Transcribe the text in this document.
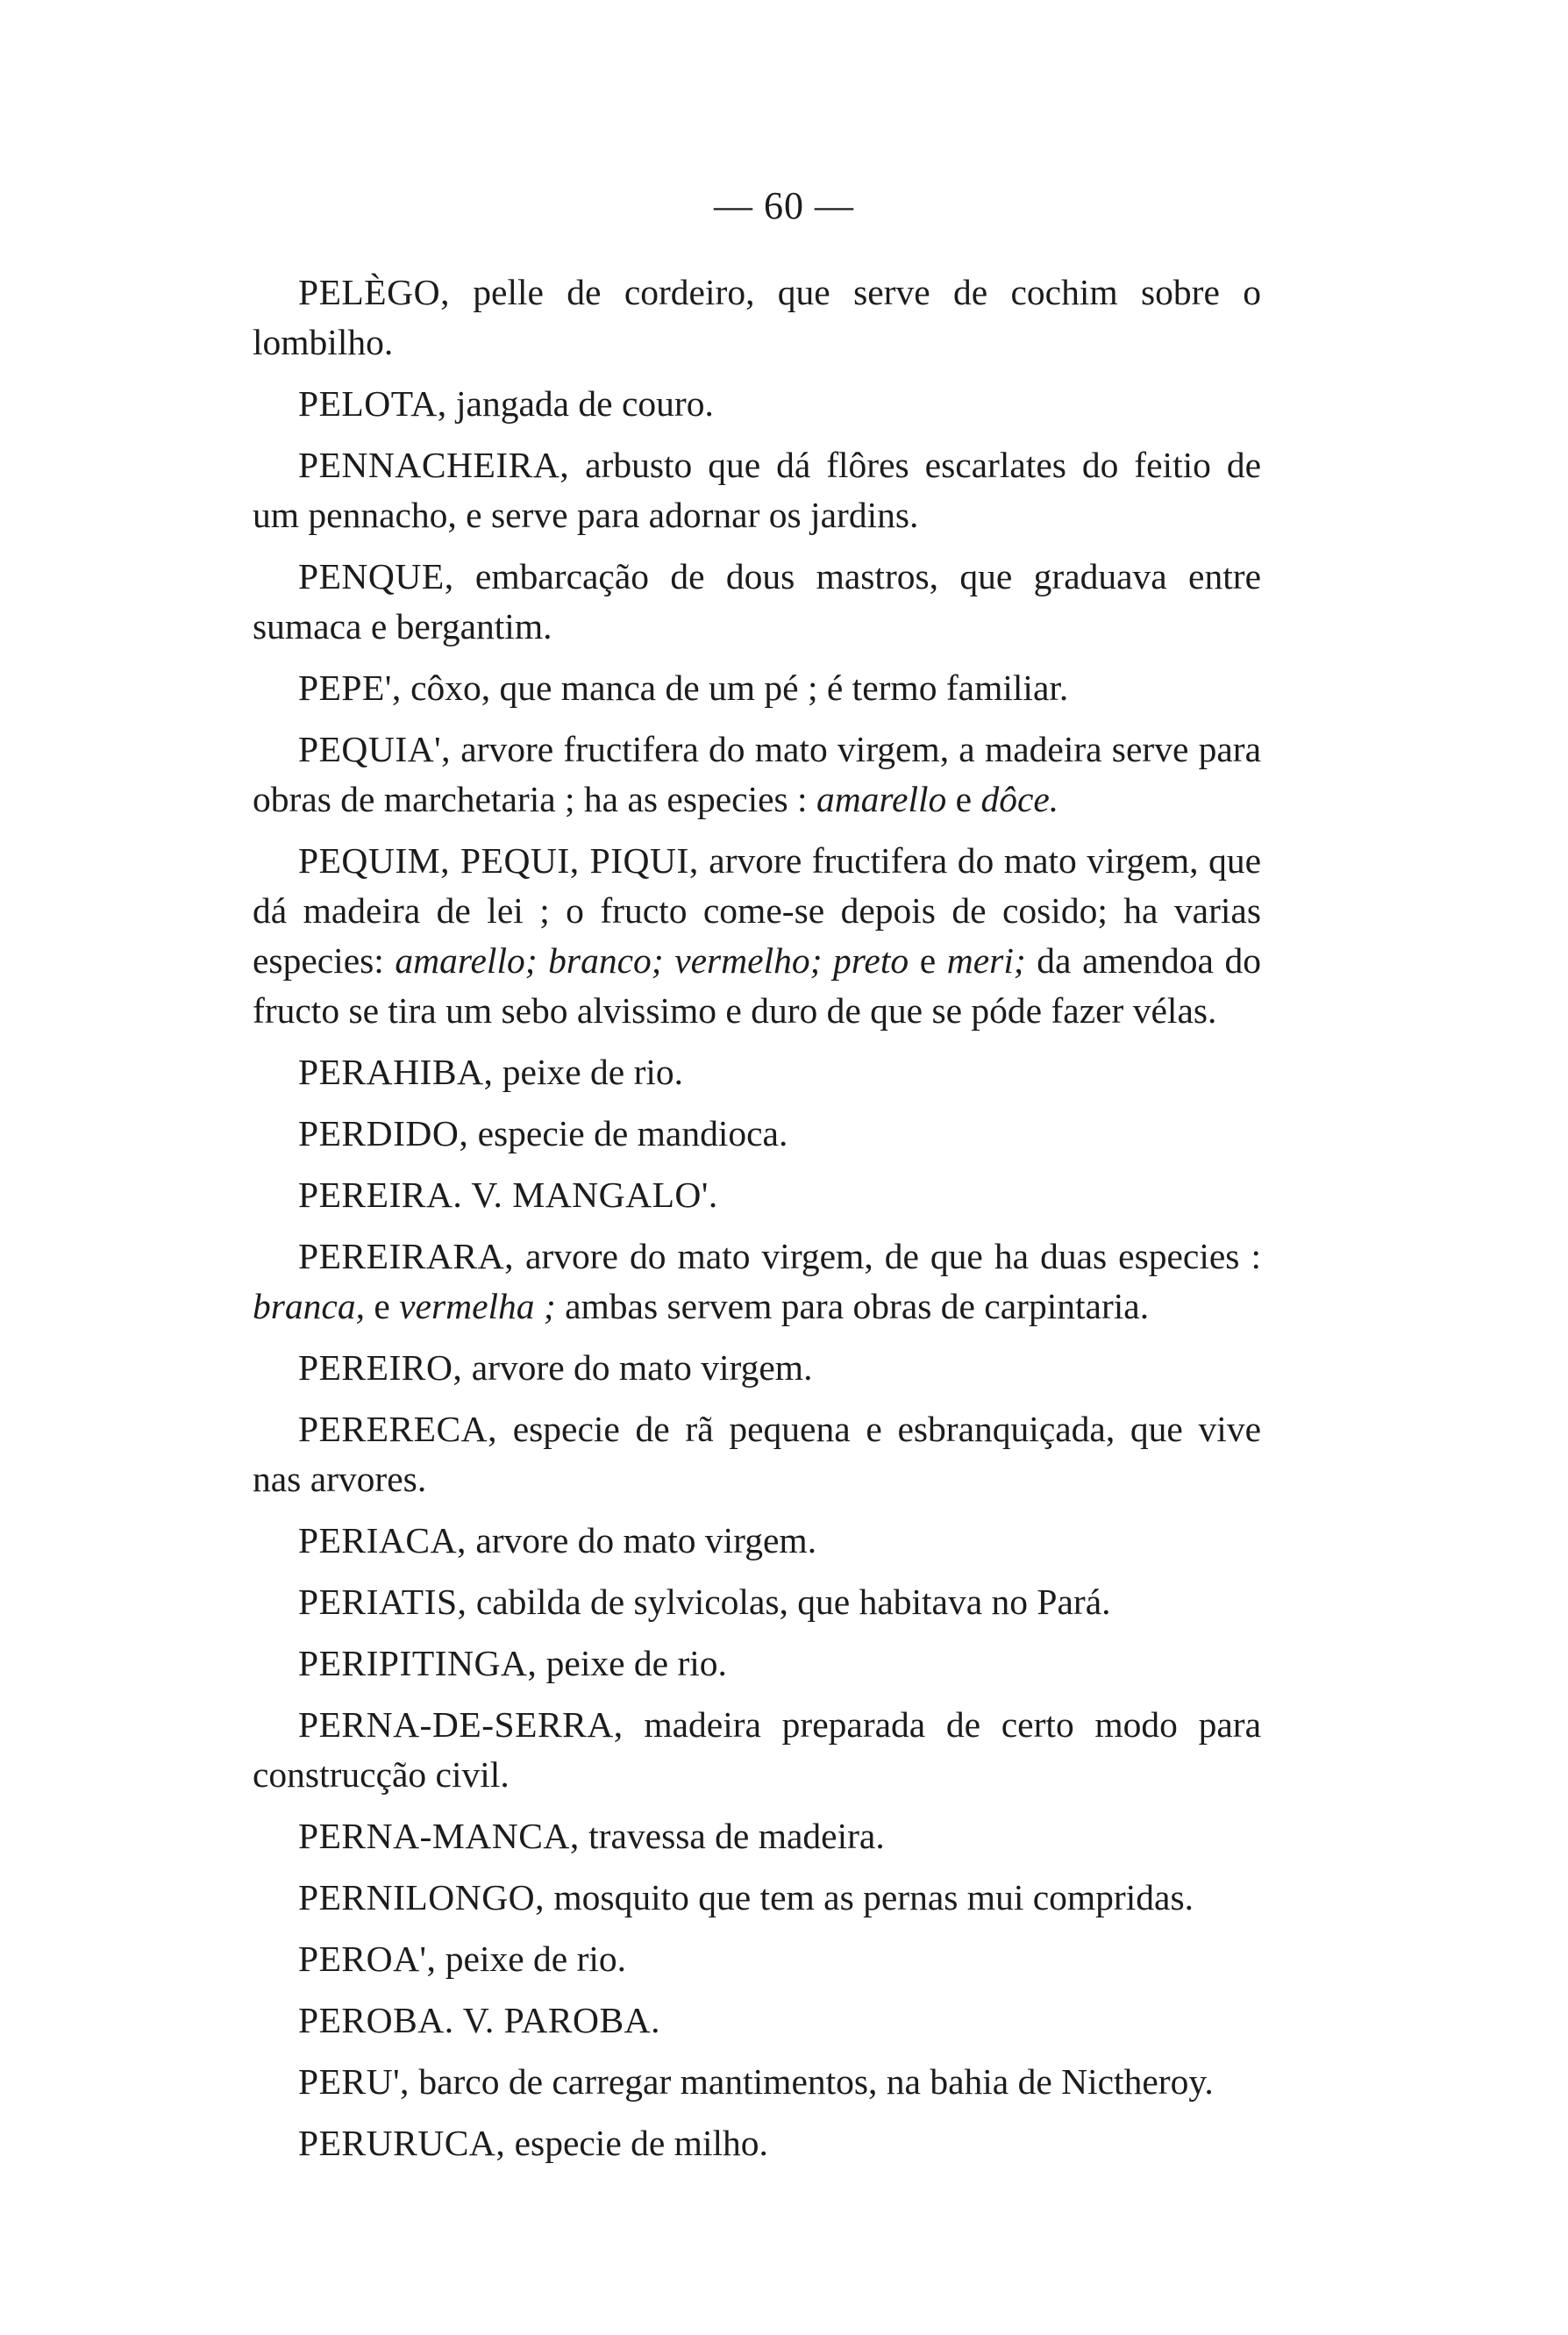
— 60 —

PELÈGO, pelle de cordeiro, que serve de cochim sobre o lombilho.

PELOTA, jangada de couro.

PENNACHEIRA, arbusto que dá flôres escarlates do feitio de um pennacho, e serve para adornar os jardins.

PENQUE, embarcação de dous mastros, que graduava entre sumaca e bergantim.

PEPE', côxo, que manca de um pé ; é termo familiar.

PEQUIA', arvore fructifera do mato virgem, a madeira serve para obras de marchetaria ; ha as especies : amarello e dôce.

PEQUIM, PEQUI, PIQUI, arvore fructifera do mato virgem, que dá madeira de lei ; o fructo come-se depois de cosido; ha varias especies: amarello; branco; vermelho; preto e meri; da amendoa do fructo se tira um sebo alvissimo e duro de que se póde fazer vélas.

PERAHIBA, peixe de rio.

PERDIDO, especie de mandioca.

PEREIRA. V. MANGALO'.

PEREIRARA, arvore do mato virgem, de que ha duas especies : branca, e vermelha ; ambas servem para obras de carpintaria.

PEREIRO, arvore do mato virgem.

PERERECA, especie de rã pequena e esbranquiçada, que vive nas arvores.

PERIACA, arvore do mato virgem.

PERIATIS, cabilda de sylvicolas, que habitava no Pará.

PERIPITINGA, peixe de rio.

PERNA-DE-SERRA, madeira preparada de certo modo para construcção civil.

PERNA-MANCA, travessa de madeira.

PERNILONGO, mosquito que tem as pernas mui compridas.

PEROA', peixe de rio.

PEROBA. V. PAROBA.

PERU', barco de carregar mantimentos, na bahia de Nictheroy.

PERURUCA, especie de milho.
